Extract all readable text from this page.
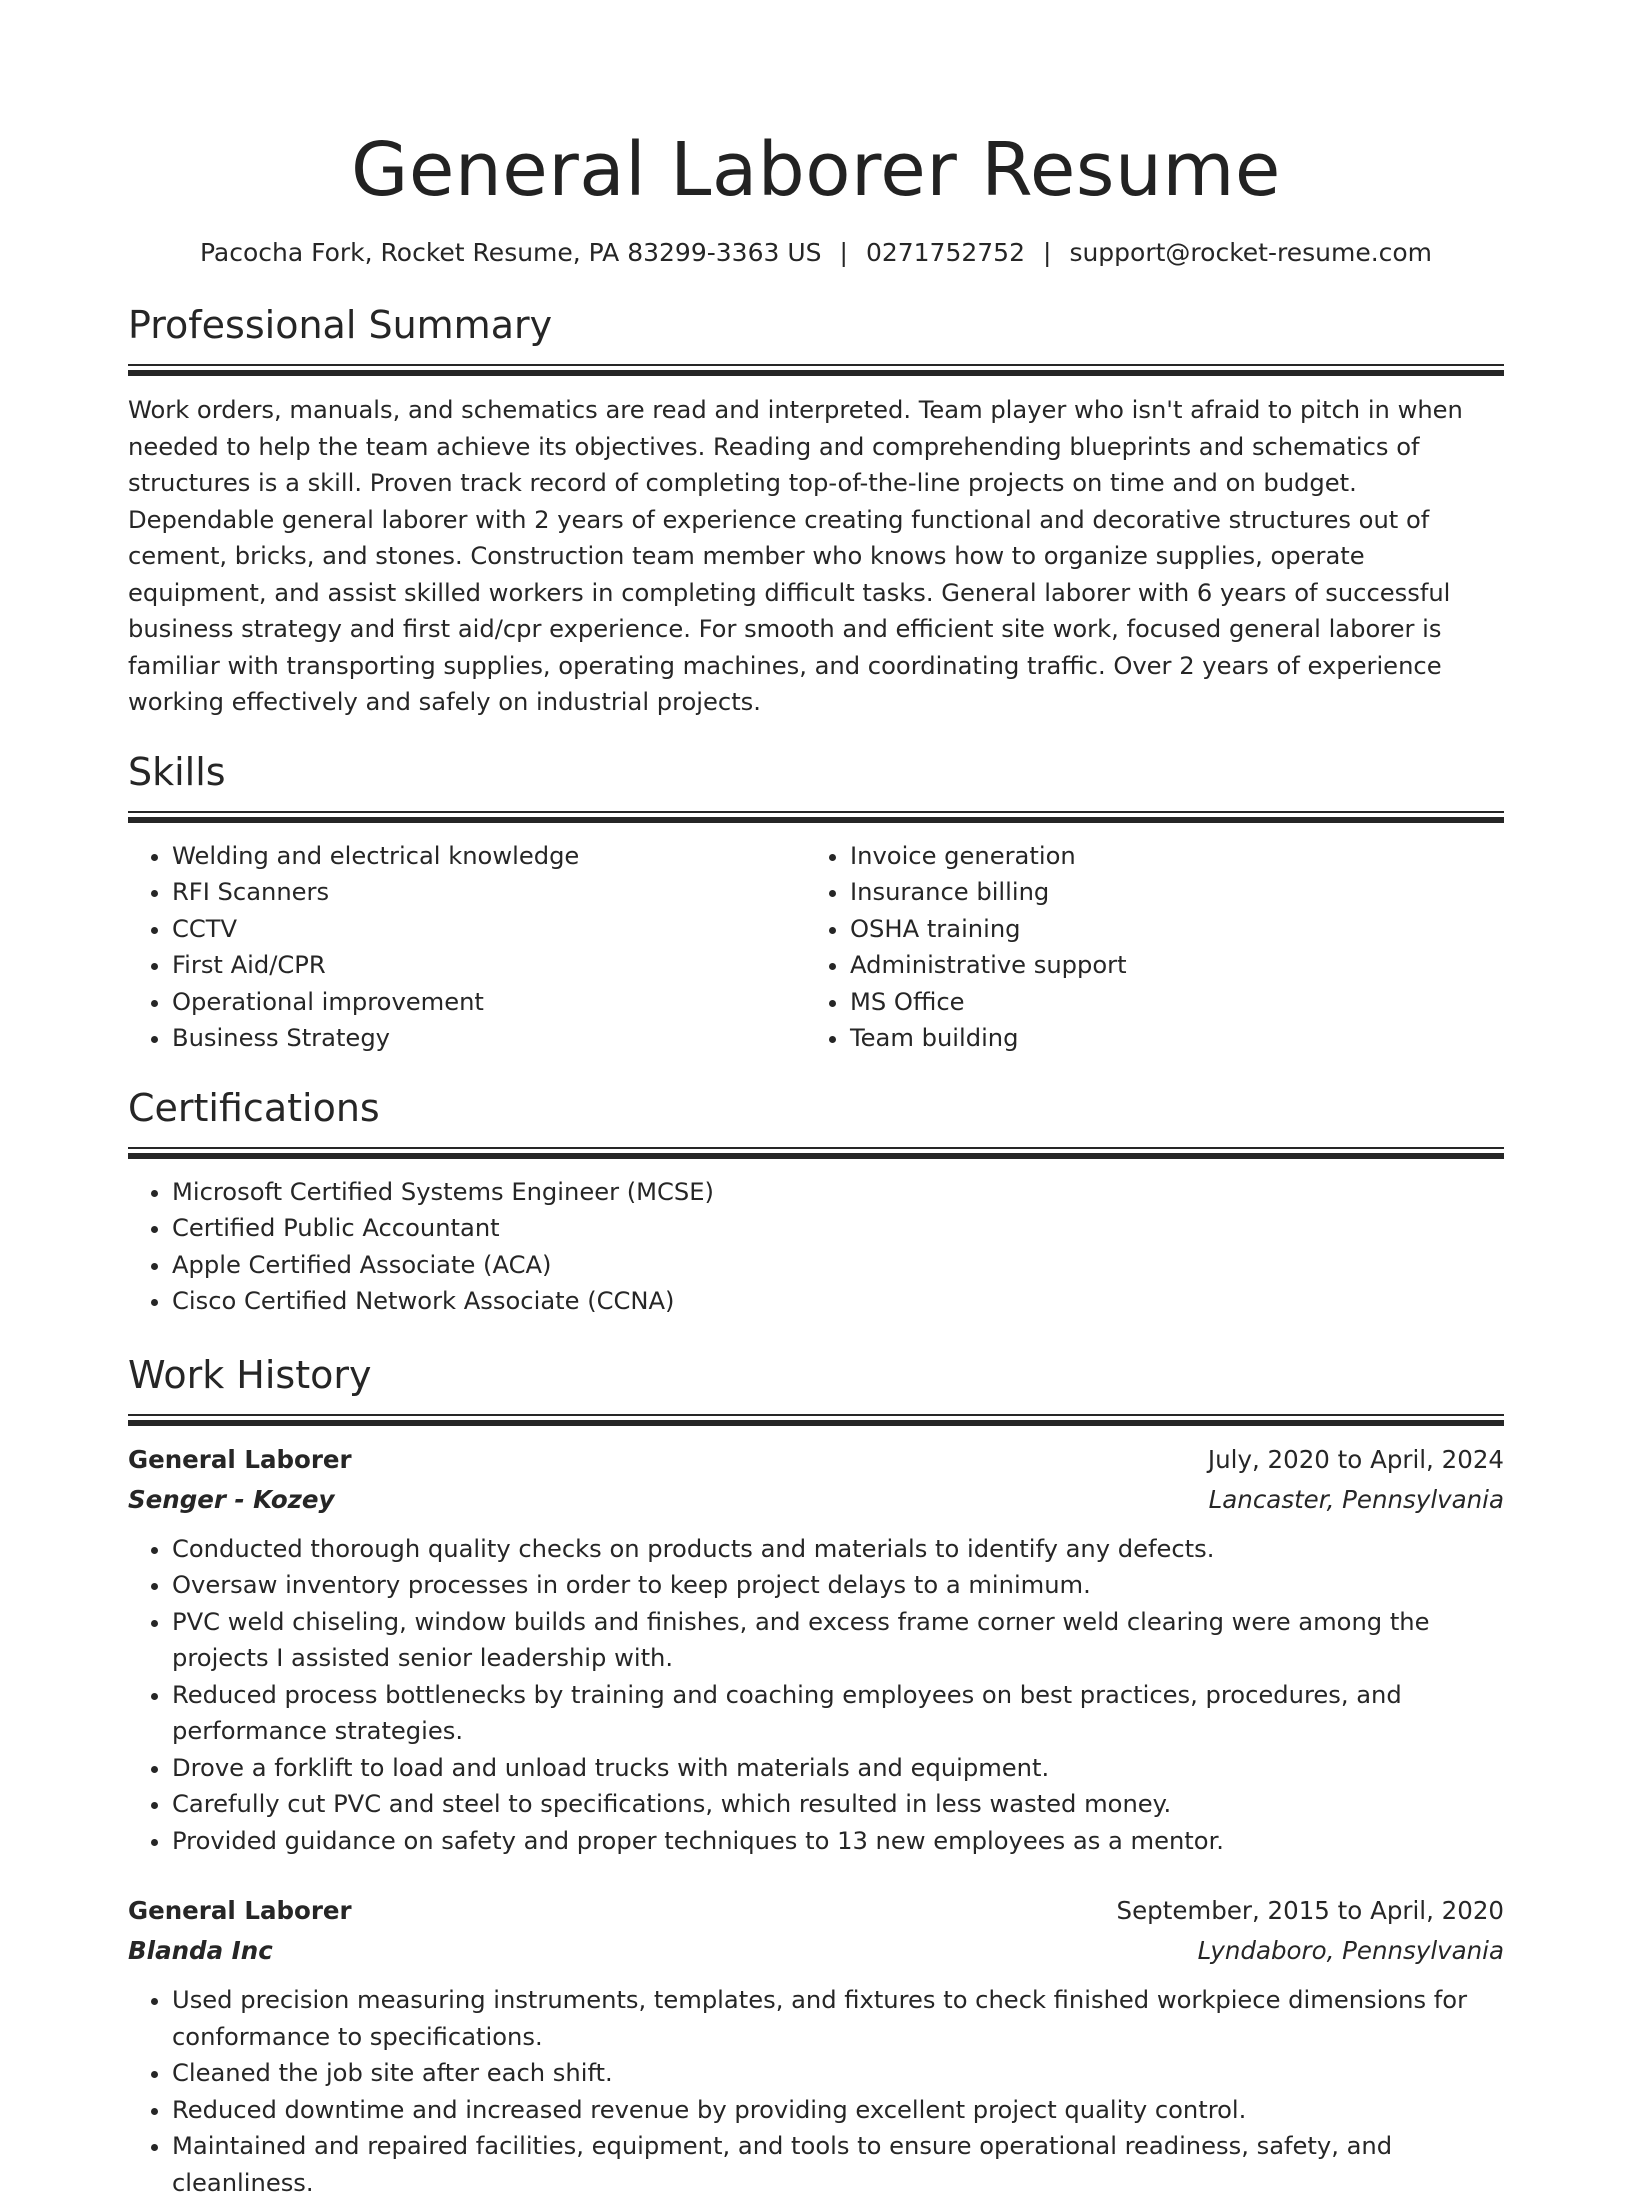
General Laborer Resume
Pacocha Fork, Rocket Resume, PA 83299-3363 US | 0271752752 | support@rocket-resume.com
Professional Summary

Work orders, manuals, and schematics are read and interpreted. Team player who isn't afraid to pitch in when needed to help the team achieve its objectives. Reading and comprehending blueprints and schematics of structures is a skill. Proven track record of completing top-of-the-line projects on time and on budget. Dependable general laborer with 2 years of experience creating functional and decorative structures out of cement, bricks, and stones. Construction team member who knows how to organize supplies, operate equipment, and assist skilled workers in completing difficult tasks. General laborer with 6 years of successful business strategy and first aid/cpr experience. For smooth and efficient site work, focused general laborer is familiar with transporting supplies, operating machines, and coordinating traffic. Over 2 years of experience working effectively and safely on industrial projects.

Skills
• Welding and electrical knowledge
• RFI Scanners
• CCTV
• First Aid/CPR
• Operational improvement
• Business Strategy
• Invoice generation
• Insurance billing
• OSHA training
• Administrative support
• MS Office
• Team building
Certifications
• Microsoft Certified Systems Engineer (MCSE)
• Certified Public Accountant
• Apple Certified Associate (ACA)
• Cisco Certified Network Associate (CCNA)
Work History
General Laborer	July, 2020 to April, 2024
Senger - Kozey	Lancaster, Pennsylvania
• Conducted thorough quality checks on products and materials to identify any defects.
• Oversaw inventory processes in order to keep project delays to a minimum.
• PVC weld chiseling, window builds and finishes, and excess frame corner weld clearing were among the projects I assisted senior leadership with.
• Reduced process bottlenecks by training and coaching employees on best practices, procedures, and performance strategies.
• Drove a forklift to load and unload trucks with materials and equipment.
• Carefully cut PVC and steel to specifications, which resulted in less wasted money.
• Provided guidance on safety and proper techniques to 13 new employees as a mentor.
General Laborer	September, 2015 to April, 2020
Blanda Inc	Lyndaboro, Pennsylvania
• Used precision measuring instruments, templates, and fixtures to check finished workpiece dimensions for conformance to specifications.
• Cleaned the job site after each shift.
• Reduced downtime and increased revenue by providing excellent project quality control.
• Maintained and repaired facilities, equipment, and tools to ensure operational readiness, safety, and cleanliness.
